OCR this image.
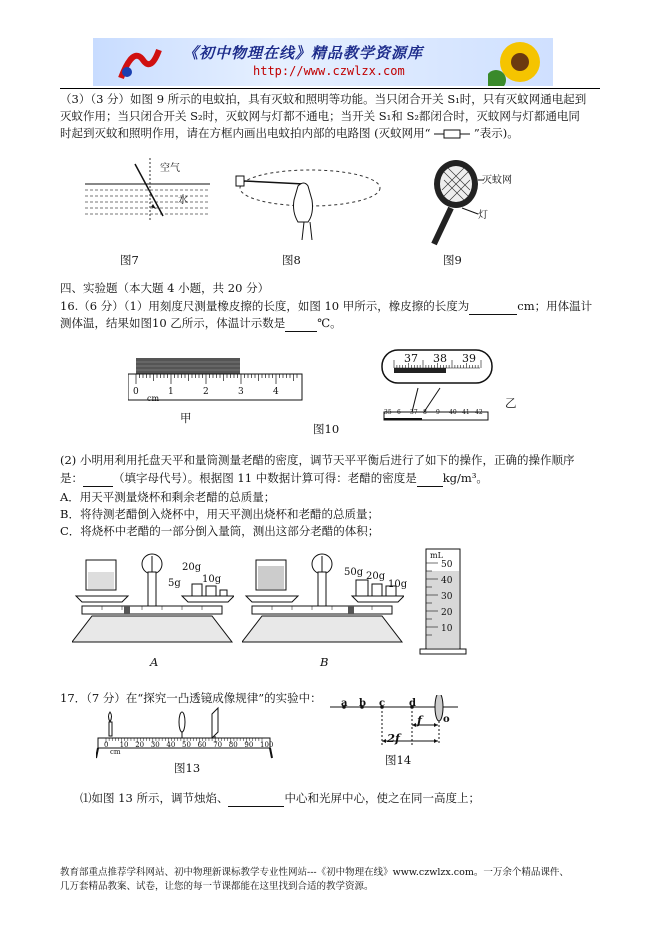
《初中物理在线》精品教学资源库
http://www.czwlzx.com
（3）（3 分）如图 9 所示的电蚊拍，具有灭蚊和照明等功能。当只闭合开关 S₁时，只有灭蚊网通电起到
灭蚊作用；当只闭合开关 S₂时，灭蚊网与灯都不通电；当开关 S₁和 S₂都闭合时，灭蚊网与灯都通电同
时起到灭蚊和照明作用，请在方框内画出电蚊拍内部的电路图 (灭蚊网用“	”表示)。
空气
水
灭蚊网
灯
图7	图8	图9
四、实验题（本大题 4 小题，共 20 分）
16.（6 分）（1）用刻度尺测量橡皮擦的长度，如图 10 甲所示，橡皮擦的长度为	cm；用体温计
测体温，结果如图10 乙所示，体温计示数是	℃。
0	1	2	3	4
cm
甲
图10
37 38 39
35 6 37 8 9 40 41 42
乙
(2) 小明用利用托盘天平和量筒测量老醋的密度，调节天平平衡后进行了如下的操作，正确的操作顺序
是：	（填字母代号）。根据图 11 中数据计算可得：老醋的密度是 kg/m³。
A．用天平测量烧杯和剩余老醋的总质量；
B．将待测老醋倒入烧杯中，用天平测出烧杯和老醋的总质量；
C．将烧杯中老醋的一部分倒入量筒，测出这部分老醋的体积；
20g
10g
5g
A
50g 20g
10g
B
mL
50
40
30
20
10
17．（7 分）在“探究一凸透镜成像规律”的实验中：
0 10 20 30 40 50 60 70 80 90 100
cm
图13
a b c d
o
f
2f
图14
⑴如图 13 所示，调节烛焰、	中心和光屏中心，使之在同一高度上；
教育部重点推荐学科网站、初中物理新课标教学专业性网站---《初中物理在线》www.czwlzx.com。一万余个精品课件、
几万套精品教案、试卷，让您的每一节课都能在这里找到合适的教学资源。
